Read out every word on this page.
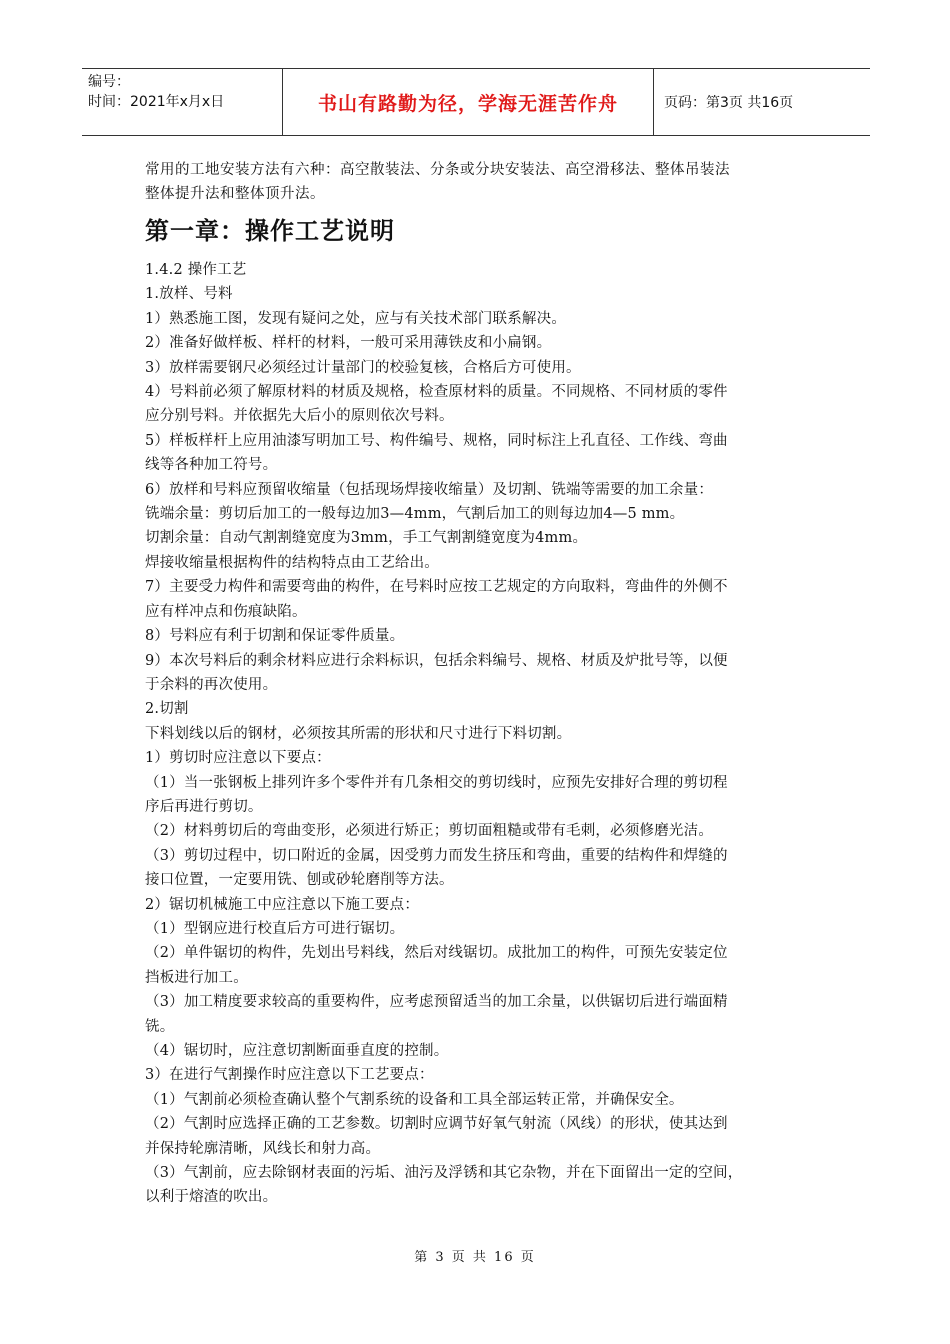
编号：
时间：2021年x月x日	书山有路勤为径，学海无涯苦作舟	页码：第3页 共16页

常用的工地安装方法有六种：高空散装法、分条或分块安装法、高空滑移法、整体吊装法

整体提升法和整体顶升法。

第一章：操作工艺说明

1.4.2 操作工艺

1.放样、号料

1）熟悉施工图，发现有疑问之处，应与有关技术部门联系解决。

2）准备好做样板、样杆的材料，一般可采用薄铁皮和小扁钢。

3）放样需要钢尺必须经过计量部门的校验复核，合格后方可使用。

4）号料前必须了解原材料的材质及规格，检查原材料的质量。不同规格、不同材质的零件

应分别号料。并依据先大后小的原则依次号料。

5）样板样杆上应用油漆写明加工号、构件编号、规格，同时标注上孔直径、工作线、弯曲

线等各种加工符号。

6）放样和号料应预留收缩量（包括现场焊接收缩量）及切割、铣端等需要的加工余量：

铣端余量：剪切后加工的一般每边加3—4mm，气割后加工的则每边加4—5 mm。

切割余量：自动气割割缝宽度为3mm，手工气割割缝宽度为4mm。

焊接收缩量根据构件的结构特点由工艺给出。

7）主要受力构件和需要弯曲的构件，在号料时应按工艺规定的方向取料，弯曲件的外侧不

应有样冲点和伤痕缺陷。

8）号料应有利于切割和保证零件质量。

9）本次号料后的剩余材料应进行余料标识，包括余料编号、规格、材质及炉批号等，以便

于余料的再次使用。

2.切割

下料划线以后的钢材，必须按其所需的形状和尺寸进行下料切割。

1）剪切时应注意以下要点：

（1）当一张钢板上排列许多个零件并有几条相交的剪切线时，应预先安排好合理的剪切程

序后再进行剪切。

（2）材料剪切后的弯曲变形，必须进行矫正；剪切面粗糙或带有毛刺，必须修磨光洁。

（3）剪切过程中，切口附近的金属，因受剪力而发生挤压和弯曲，重要的结构件和焊缝的

接口位置，一定要用铣、刨或砂轮磨削等方法。

2）锯切机械施工中应注意以下施工要点：

（1）型钢应进行校直后方可进行锯切。

（2）单件锯切的构件，先划出号料线，然后对线锯切。成批加工的构件，可预先安装定位

挡板进行加工。

（3）加工精度要求较高的重要构件，应考虑预留适当的加工余量，以供锯切后进行端面精

铣。

（4）锯切时，应注意切割断面垂直度的控制。

3）在进行气割操作时应注意以下工艺要点：

（1）气割前必须检查确认整个气割系统的设备和工具全部运转正常，并确保安全。

（2）气割时应选择正确的工艺参数。切割时应调节好氧气射流（风线）的形状，使其达到

并保持轮廓清晰，风线长和射力高。

（3）气割前，应去除钢材表面的污垢、油污及浮锈和其它杂物，并在下面留出一定的空间，

以利于熔渣的吹出。

第 3 页 共 16 页
